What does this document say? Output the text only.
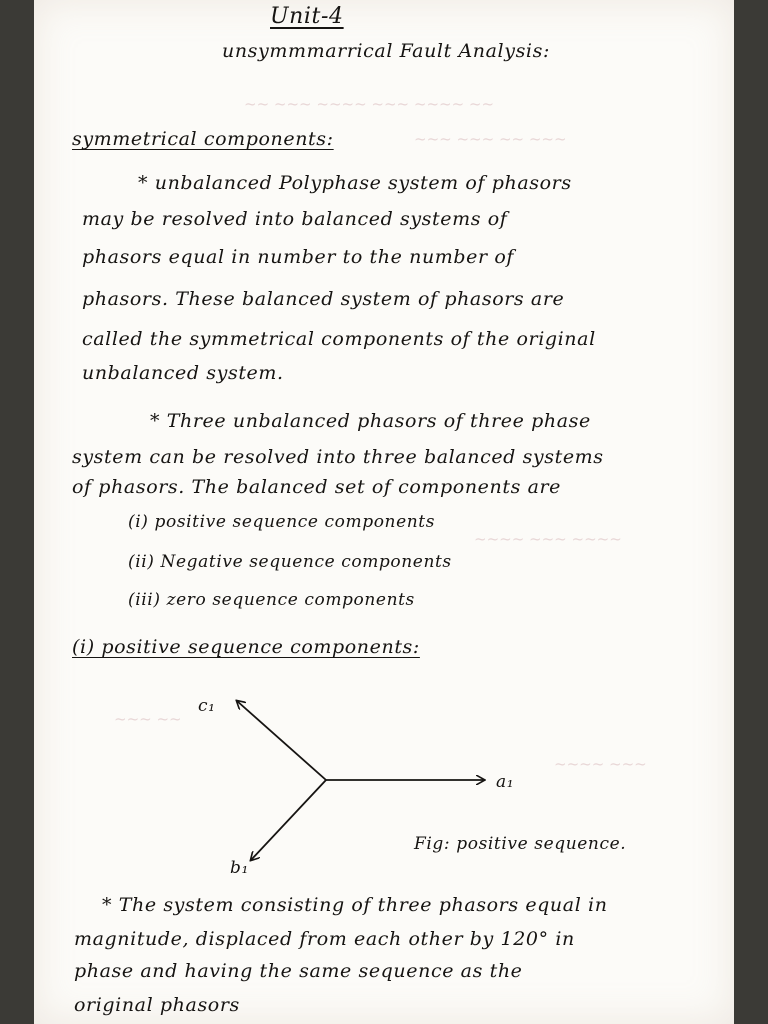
~~ ~~~ ~~~~ ~~~ ~~~~ ~~
~~~ ~~~ ~~ ~~~
~~~~ ~~~ ~~~~
~~~ ~~
~~~~ ~~~
Unit-4
unsymmmarrical Fault Analysis:
symmetrical components:
* unbalanced Polyphase system of phasors
may be resolved into balanced systems of
phasors equal in number to the number of
phasors. These balanced system of phasors are
called the symmetrical components of the original
unbalanced system.
* Three unbalanced phasors of three phase
system can be resolved into three balanced systems
of phasors. The balanced set of components are
(i) positive sequence components
(ii) Negative sequence components
(iii) zero sequence components
(i) positive sequence components:
c₁
a₁
b₁
Fig: positive sequence.
* The system consisting of three phasors equal in
magnitude, displaced from each other by 120° in
phase and having the same sequence as the
original phasors
